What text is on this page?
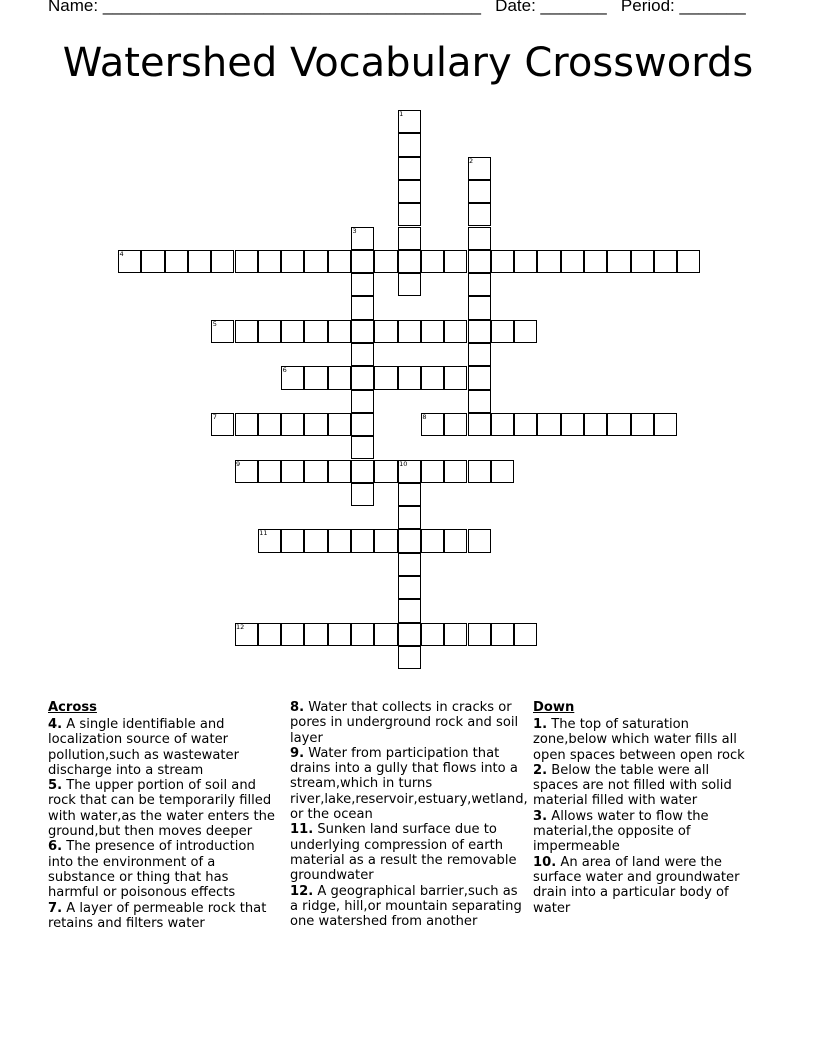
Name: ________________________________________ Date: _______ Period: _______
Watershed Vocabulary Crosswords
1
2
3
4
5
6
7	8
9	10
11
12
Across

4. A single identifiable and localization source of water pollution,such as wastewater discharge into a stream

5. The upper portion of soil and rock that can be temporarily filled with water,as the water enters the ground,but then moves deeper

6. The presence of introduction into the environment of a substance or thing that has harmful or poisonous effects

7. A layer of permeable rock that retains and filters water

8. Water that collects in cracks or pores in underground rock and soil layer

9. Water from participation that drains into a gully that flows into a stream,which in turns river,lake,reservoir,estuary,wetland, or the ocean

11. Sunken land surface due to underlying compression of earth material as a result the removable groundwater

12. A geographical barrier,such as a ridge, hill,or mountain separating one watershed from another

Down

1. The top of saturation zone,below which water fills all open spaces between open rock

2. Below the table were all spaces are not filled with solid material filled with water

3. Allows water to flow the material,the opposite of impermeable

10. An area of land were the surface water and groundwater drain into a particular body of water
